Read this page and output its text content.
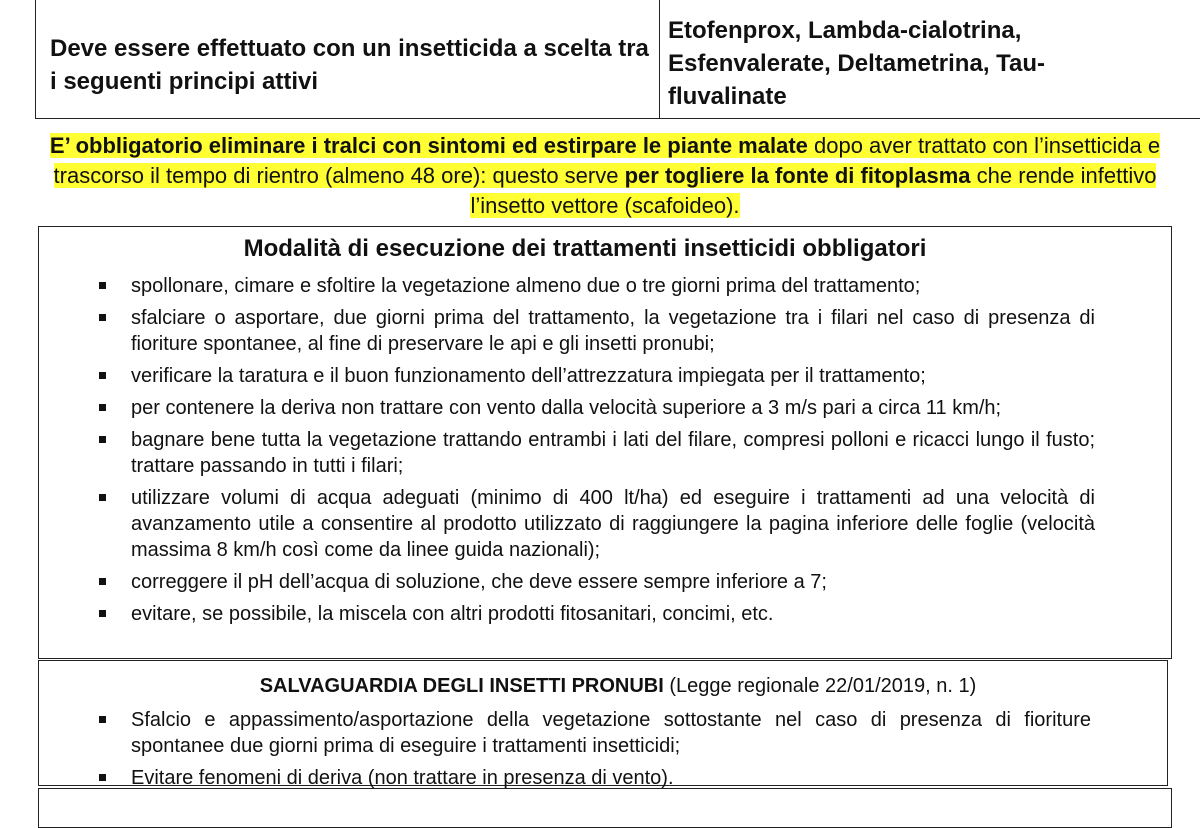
Deve essere effettuato con un insetticida a scelta tra i seguenti principi attivi
Etofenprox, Lambda-cialotrina,
Esfenvalerate, Deltametrina, Tau-
fluvalinate
E’ obbligatorio eliminare i tralci con sintomi ed estirpare le piante malate dopo aver trattato con l’insetticida e trascorso il tempo di rientro (almeno 48 ore): questo serve per togliere la fonte di fitoplasma che rende infettivo l’insetto vettore (scafoideo).
Modalità di esecuzione dei trattamenti insetticidi obbligatori
spollonare, cimare e sfoltire la vegetazione almeno due o tre giorni prima del trattamento;
sfalciare o asportare, due giorni prima del trattamento, la vegetazione tra i filari nel caso di presenza di fioriture spontanee, al fine di preservare le api e gli insetti pronubi;
verificare la taratura e il buon funzionamento dell’attrezzatura impiegata per il trattamento;
per contenere la deriva non trattare con vento dalla velocità superiore a 3 m/s pari a circa 11 km/h;
bagnare bene tutta la vegetazione trattando entrambi i lati del filare, compresi polloni e ricacci lungo il fusto; trattare passando in tutti i filari;
utilizzare volumi di acqua adeguati (minimo di 400 lt/ha) ed eseguire i trattamenti ad una velocità di avanzamento utile a consentire al prodotto utilizzato di raggiungere la pagina inferiore delle foglie (velocità massima 8 km/h così come da linee guida nazionali);
correggere il pH dell’acqua di soluzione, che deve essere sempre inferiore a 7;
evitare, se possibile, la miscela con altri prodotti fitosanitari, concimi, etc.
SALVAGUARDIA DEGLI INSETTI PRONUBI (Legge regionale 22/01/2019, n. 1)
Sfalcio e appassimento/asportazione della vegetazione sottostante nel caso di presenza di fioriture spontanee due giorni prima di eseguire i trattamenti insetticidi;
Evitare fenomeni di deriva (non trattare in presenza di vento).
